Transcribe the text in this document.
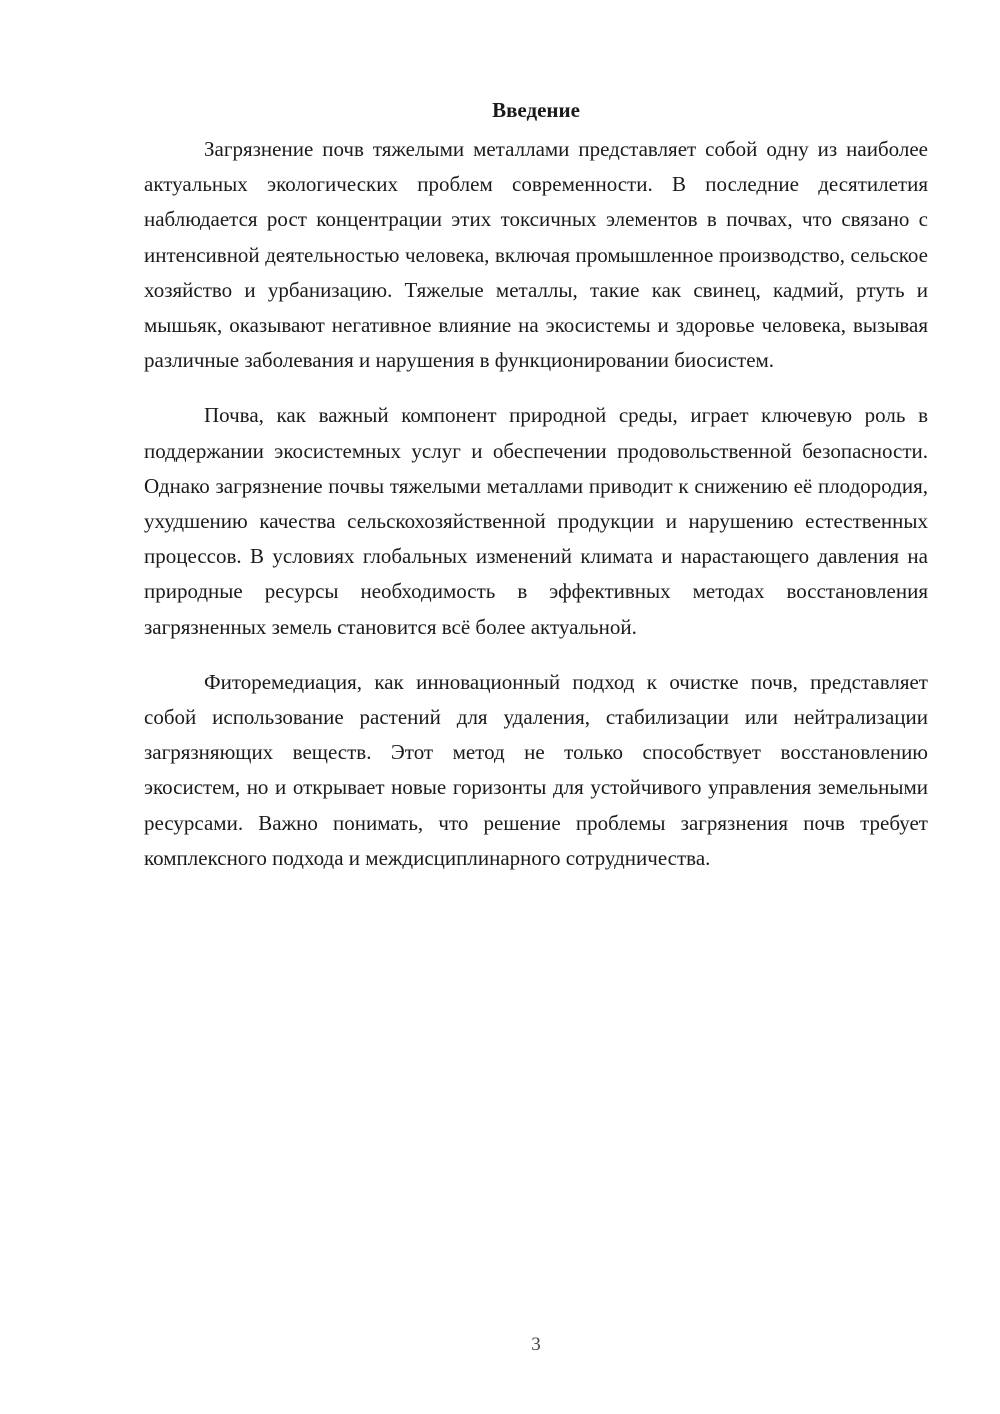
Введение

Загрязнение почв тяжелыми металлами представляет собой одну из наиболее актуальных экологических проблем современности. В последние десятилетия наблюдается рост концентрации этих токсичных элементов в почвах, что связано с интенсивной деятельностью человека, включая промышленное производство, сельское хозяйство и урбанизацию. Тяжелые металлы, такие как свинец, кадмий, ртуть и мышьяк, оказывают негативное влияние на экосистемы и здоровье человека, вызывая различные заболевания и нарушения в функционировании биосистем.

Почва, как важный компонент природной среды, играет ключевую роль в поддержании экосистемных услуг и обеспечении продовольственной безопасности. Однако загрязнение почвы тяжелыми металлами приводит к снижению её плодородия, ухудшению качества сельскохозяйственной продукции и нарушению естественных процессов. В условиях глобальных изменений климата и нарастающего давления на природные ресурсы необходимость в эффективных методах восстановления загрязненных земель становится всё более актуальной.

Фиторемедиация, как инновационный подход к очистке почв, представляет собой использование растений для удаления, стабилизации или нейтрализации загрязняющих веществ. Этот метод не только способствует восстановлению экосистем, но и открывает новые горизонты для устойчивого управления земельными ресурсами. Важно понимать, что решение проблемы загрязнения почв требует комплексного подхода и междисциплинарного сотрудничества.

3
